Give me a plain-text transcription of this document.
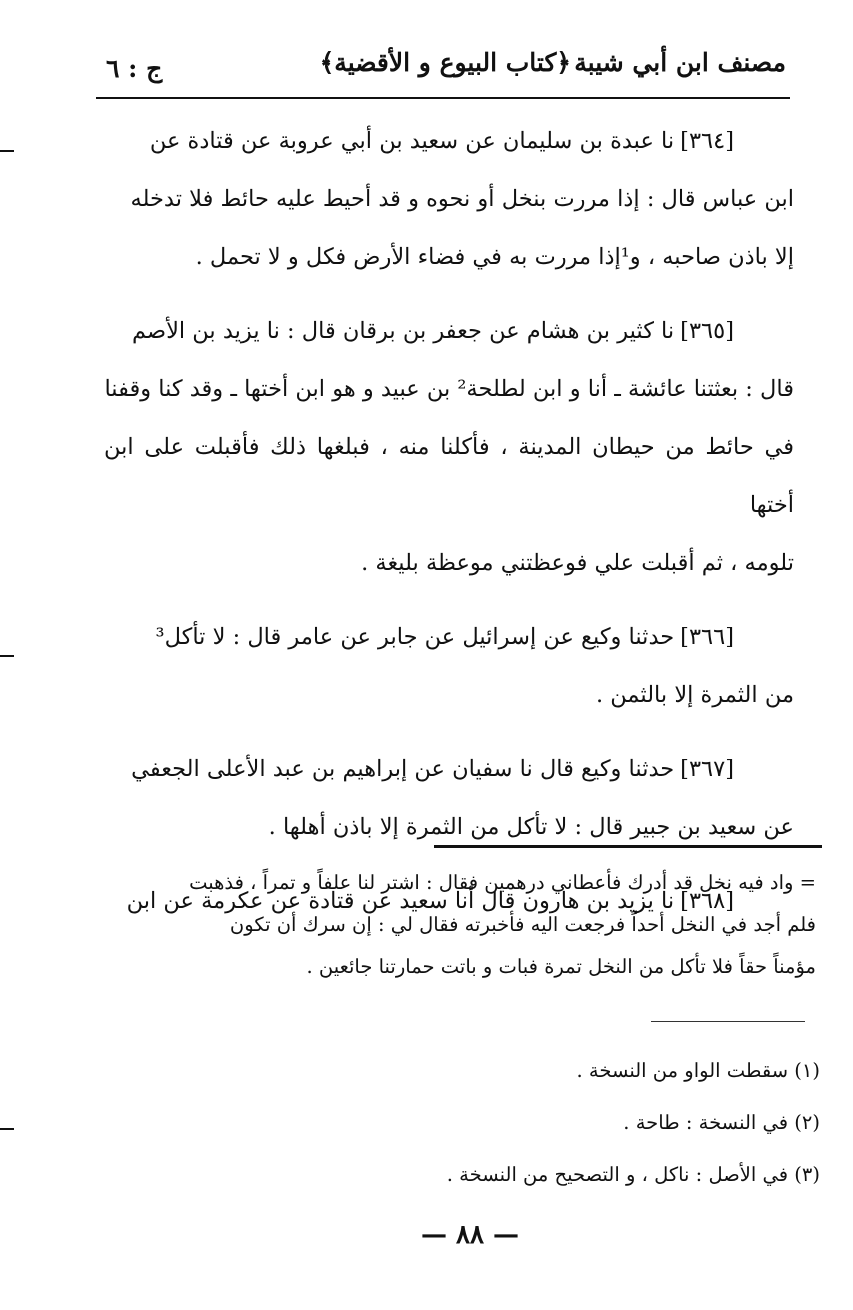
مصنف ابن أبي شيبة
﴿كتاب البيوع و الأقضية﴾
ج : ٦

[٣٦٤]نا عبدة بن سليمان عن سعيد بن أبي عروبة عن قتادة عن

ابن عباس قال : إذا مررت بنخل أو نحوه و قد أحيط عليه حائط فلا تدخله

إلا باذن صاحبه ، و¹إذا مررت به في فضاء الأرض فكل و لا تحمل .

[٣٦٥]نا كثير بن هشام عن جعفر بن برقان قال : نا يزيد بن الأصم

قال : بعثتنا عائشة ـ أنا و ابن لطلحة² بن عبيد و هو ابن أختها ـ وقد كنا وقفنا

في حائط من حيطان المدينة ، فأكلنا منه ، فبلغها ذلك فأقبلت على ابن أختها

تلومه ، ثم أقبلت علي فوعظتني موعظة بليغة .

[٣٦٦]حدثنا وكيع عن إسرائيل عن جابر عن عامر قال : لا تأكل³

من الثمرة إلا بالثمن .

[٣٦٧]حدثنا وكيع قال نا سفيان عن إبراهيم بن عبد الأعلى الجعفي

عن سعيد بن جبير قال : لا تأكل من الثمرة إلا باذن أهلها .

[٣٦٨]نا يزيد بن هارون قال أنا سعيد عن قتادة عن عكرمة عن ابن

= واد فيه نخل قد أدرك فأعطاني درهمين فقال : اشتر لنا علفاً و تمراً ، فذهبت

فلم أجد في النخل أحداً فرجعت اليه فأخبرته فقال لي : إن سرك أن تكون

مؤمناً حقاً فلا تأكل من النخل تمرة فبات و باتت حمارتنا جائعين .

(١) سقطت الواو من النسخة .

(٢) في النسخة : طاحة .

(٣) في الأصل : ناكل ، و التصحيح من النسخة .

— ٨٨ —
